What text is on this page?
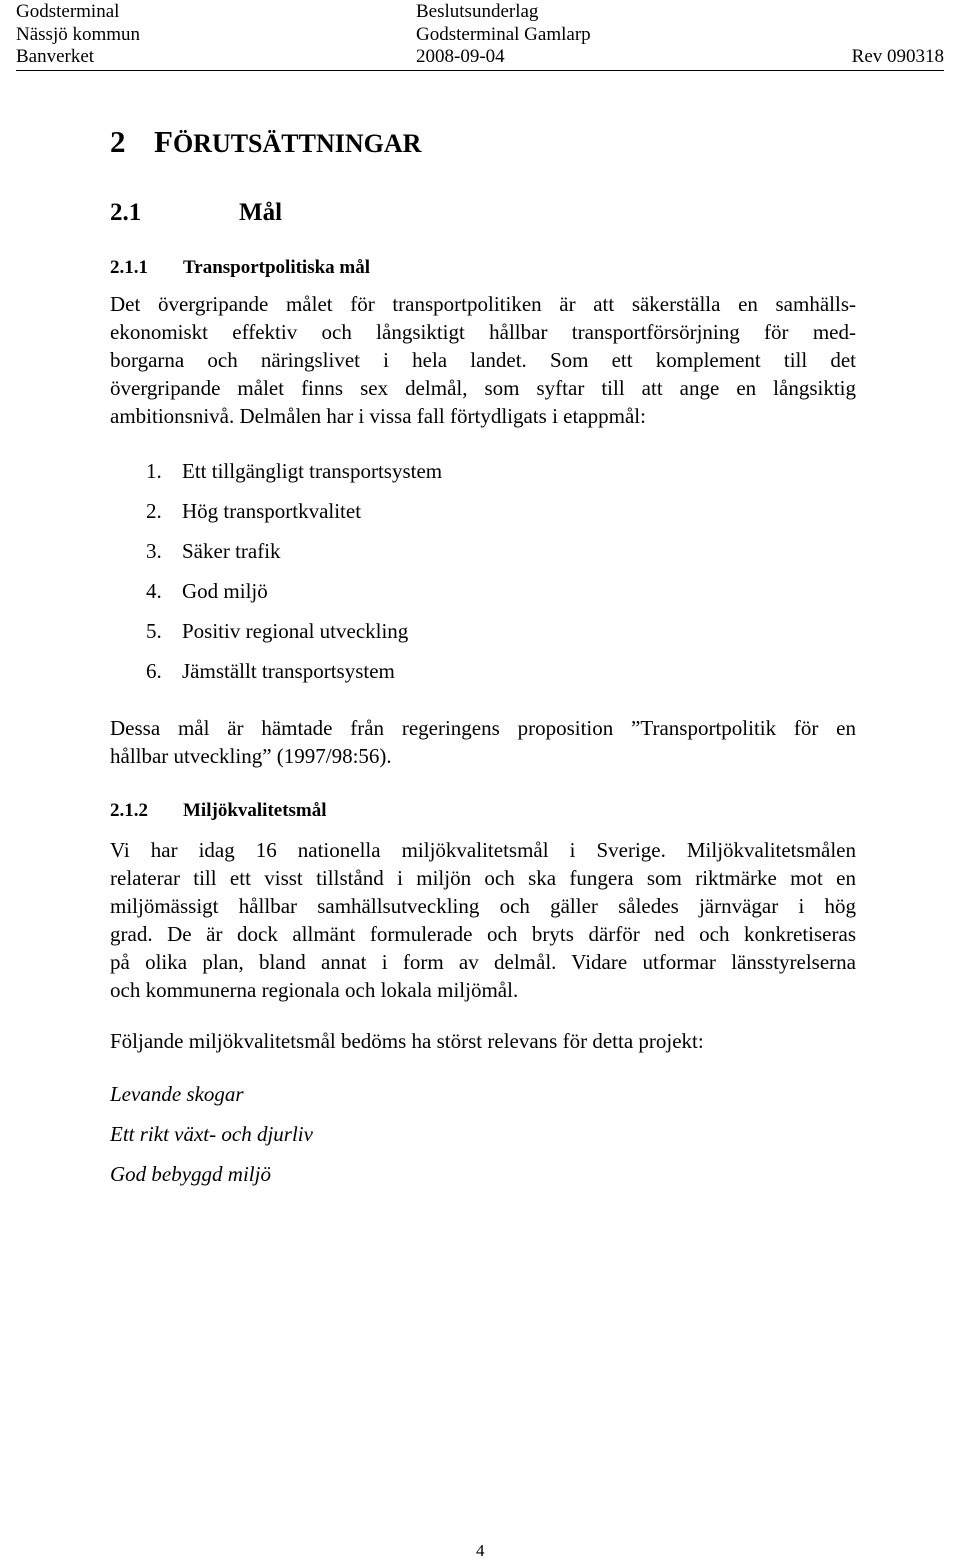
Godsterminal	Beslutsunderlag
Nässjö kommun	Godsterminal Gamlarp
Banverket	2008-09-04	Rev 090318
2 FÖRUTSÄTTNINGAR
2.1	Mål
2.1.1 Transportpolitiska mål
Det övergripande målet för transportpolitiken är att säkerställa en samhälls-
ekonomiskt effektiv och långsiktigt hållbar transportförsörjning för med-
borgarna och näringslivet i hela landet. Som ett komplement till det
övergripande målet finns sex delmål, som syftar till att ange en långsiktig
ambitionsnivå. Delmålen har i vissa fall förtydligats i etappmål:
1. Ett tillgängligt transportsystem
2. Hög transportkvalitet
3. Säker trafik
4. God miljö
5. Positiv regional utveckling
6. Jämställt transportsystem
Dessa mål är hämtade från regeringens proposition ”Transportpolitik för en
hållbar utveckling” (1997/98:56).
2.1.2 Miljökvalitetsmål
Vi har idag 16 nationella miljökvalitetsmål i Sverige. Miljökvalitetsmålen
relaterar till ett visst tillstånd i miljön och ska fungera som riktmärke mot en
miljömässigt hållbar samhällsutveckling och gäller således järnvägar i hög
grad. De är dock allmänt formulerade och bryts därför ned och konkretiseras
på olika plan, bland annat i form av delmål. Vidare utformar länsstyrelserna
och kommunerna regionala och lokala miljömål.
Följande miljökvalitetsmål bedöms ha störst relevans för detta projekt:
Levande skogar
Ett rikt växt- och djurliv
God bebyggd miljö
4
